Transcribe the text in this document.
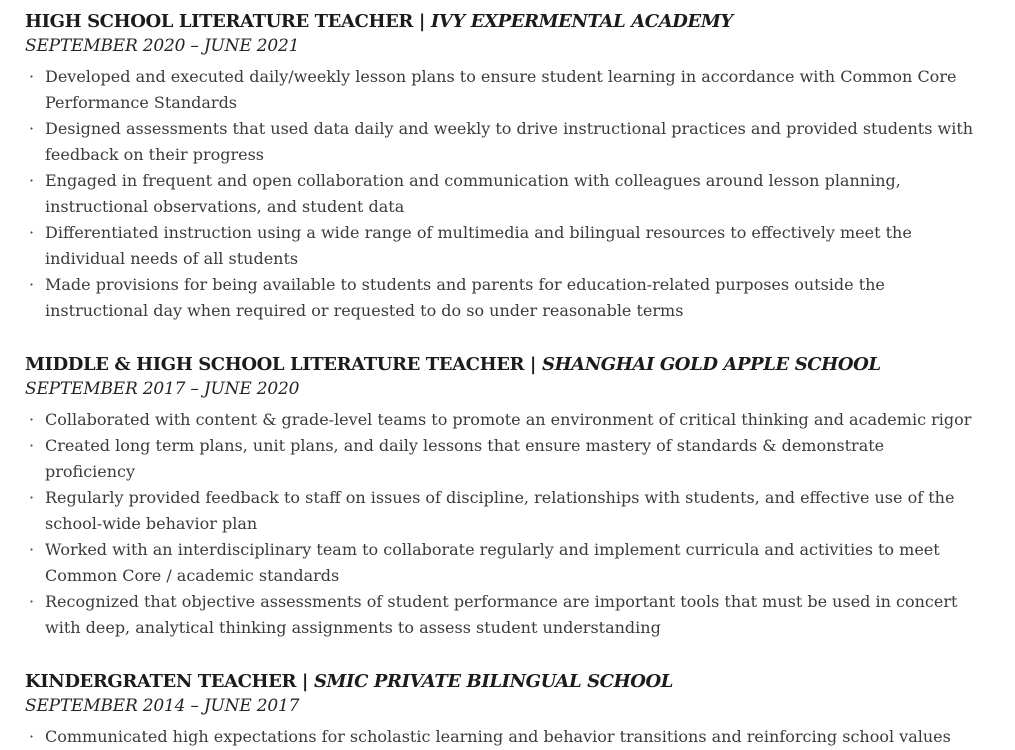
HIGH SCHOOL LITERATURE TEACHER | IVY EXPERMENTAL ACADEMY

SEPTEMBER 2020 – JUNE 2021

· Developed and executed daily/weekly lesson plans to ensure student learning in accordance with Common Core Performance Standards
· Designed assessments that used data daily and weekly to drive instructional practices and provided students with feedback on their progress
· Engaged in frequent and open collaboration and communication with colleagues around lesson planning, instructional observations, and student data
· Differentiated instruction using a wide range of multimedia and bilingual resources to effectively meet the individual needs of all students
· Made provisions for being available to students and parents for education-related purposes outside the instructional day when required or requested to do so under reasonable terms
MIDDLE & HIGH SCHOOL LITERATURE TEACHER | SHANGHAI GOLD APPLE SCHOOL

SEPTEMBER 2017 – JUNE 2020

· Collaborated with content & grade-level teams to promote an environment of critical thinking and academic rigor
· Created long term plans, unit plans, and daily lessons that ensure mastery of standards & demonstrate proficiency
· Regularly provided feedback to staff on issues of discipline, relationships with students, and effective use of the school-wide behavior plan
· Worked with an interdisciplinary team to collaborate regularly and implement curricula and activities to meet Common Core / academic standards
· Recognized that objective assessments of student performance are important tools that must be used in concert with deep, analytical thinking assignments to assess student understanding
KINDERGRATEN TEACHER | SMIC PRIVATE BILINGUAL SCHOOL

SEPTEMBER 2014 – JUNE 2017

· Communicated high expectations for scholastic learning and behavior transitions and reinforcing school values
